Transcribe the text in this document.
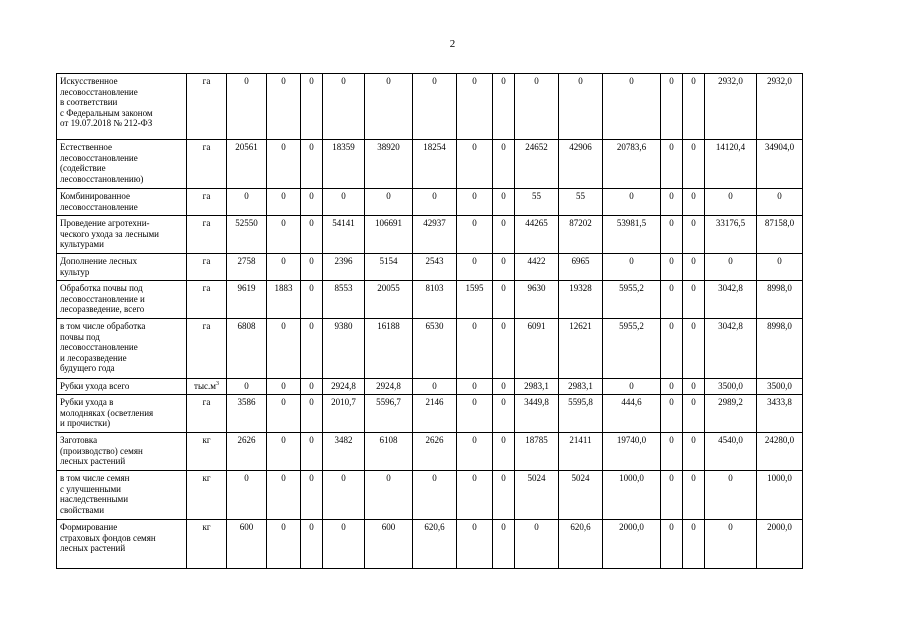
2
Искусственное
лесовосстановление
в соответствии
с Федеральным законом
от 19.07.2018 № 212-ФЗ	га	0	0	0	0	0	0	0	0	0	0	0	0	0	2932,0	2932,0

Естественное
лесовосстановление
(содействие
лесовосстановлению)	га	20561	0	0	18359	38920	18254	0	0	24652	42906	20783,6	0	0	14120,4	34904,0

Комбинированное
лесовосстановление	га	0	0	0	0	0	0	0	0	55	55	0	0	0	0	0

Проведение агротехни-
ческого ухода за лесными
культурами	га	52550	0	0	54141	106691	42937	0	0	44265	87202	53981,5	0	0	33176,5	87158,0

Дополнение лесных
культур	га	2758	0	0	2396	5154	2543	0	0	4422	6965	0	0	0	0	0

Обработка почвы под
лесовосстановление и
лесоразведение, всего	га	9619	1883	0	8553	20055	8103	1595	0	9630	19328	5955,2	0	0	3042,8	8998,0

в том числе обработка
почвы под
лесовосстановление
и лесоразведение
будущего года	га	6808	0	0	9380	16188	6530	0	0	6091	12621	5955,2	0	0	3042,8	8998,0

Рубки ухода всего	$тыс.м^3$	0	0	0	2924,8	2924,8	0	0	0	2983,1	2983,1	0	0	0	3500,0	3500,0

Рубки ухода в
молодняках (осветления
и прочистки)	га	3586	0	0	2010,7	5596,7	2146	0	0	3449,8	5595,8	444,6	0	0	2989,2	3433,8

Заготовка
(производство) семян
лесных растений	кг	2626	0	0	3482	6108	2626	0	0	18785	21411	19740,0	0	0	4540,0	24280,0

в том числе семян
с улучшенными
наследственными
свойствами	кг	0	0	0	0	0	0	0	0	5024	5024	1000,0	0	0	0	1000,0

Формирование
страховых фондов семян
лесных растений	кг	600	0	0	0	600	620,6	0	0	0	620,6	2000,0	0	0	0	2000,0
